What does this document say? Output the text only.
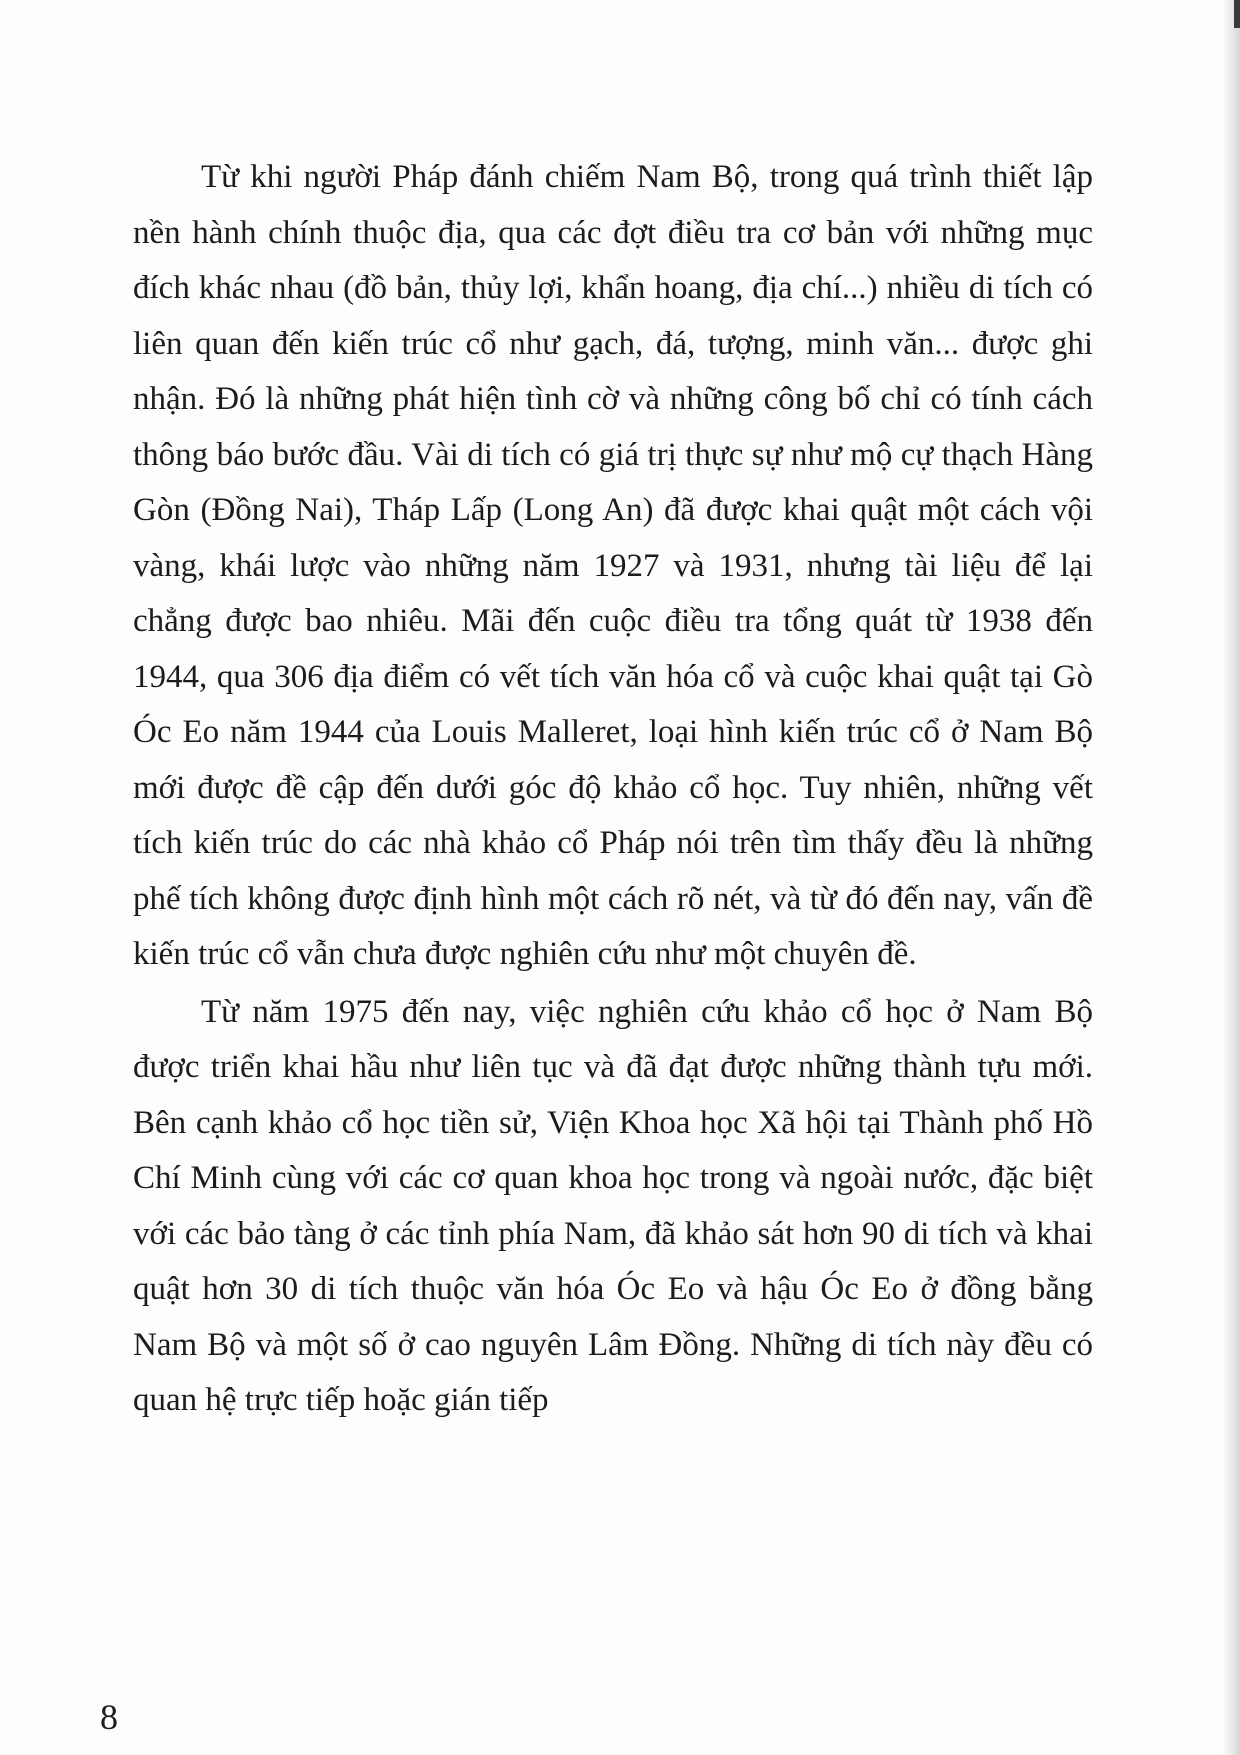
Từ khi người Pháp đánh chiếm Nam Bộ, trong quá trình thiết lập nền hành chính thuộc địa, qua các đợt điều tra cơ bản với những mục đích khác nhau (đồ bản, thủy lợi, khẩn hoang, địa chí...) nhiều di tích có liên quan đến kiến trúc cổ như gạch, đá, tượng, minh văn... được ghi nhận. Đó là những phát hiện tình cờ và những công bố chỉ có tính cách thông báo bước đầu. Vài di tích có giá trị thực sự như mộ cự thạch Hàng Gòn (Đồng Nai), Tháp Lấp (Long An) đã được khai quật một cách vội vàng, khái lược vào những năm 1927 và 1931, nhưng tài liệu để lại chẳng được bao nhiêu. Mãi đến cuộc điều tra tổng quát từ 1938 đến 1944, qua 306 địa điểm có vết tích văn hóa cổ và cuộc khai quật tại Gò Óc Eo năm 1944 của Louis Malleret, loại hình kiến trúc cổ ở Nam Bộ mới được đề cập đến dưới góc độ khảo cổ học. Tuy nhiên, những vết tích kiến trúc do các nhà khảo cổ Pháp nói trên tìm thấy đều là những phế tích không được định hình một cách rõ nét, và từ đó đến nay, vấn đề kiến trúc cổ vẫn chưa được nghiên cứu như một chuyên đề.

Từ năm 1975 đến nay, việc nghiên cứu khảo cổ học ở Nam Bộ được triển khai hầu như liên tục và đã đạt được những thành tựu mới. Bên cạnh khảo cổ học tiền sử, Viện Khoa học Xã hội tại Thành phố Hồ Chí Minh cùng với các cơ quan khoa học trong và ngoài nước, đặc biệt với các bảo tàng ở các tỉnh phía Nam, đã khảo sát hơn 90 di tích và khai quật hơn 30 di tích thuộc văn hóa Óc Eo và hậu Óc Eo ở đồng bằng Nam Bộ và một số ở cao nguyên Lâm Đồng. Những di tích này đều có quan hệ trực tiếp hoặc gián tiếp

8
